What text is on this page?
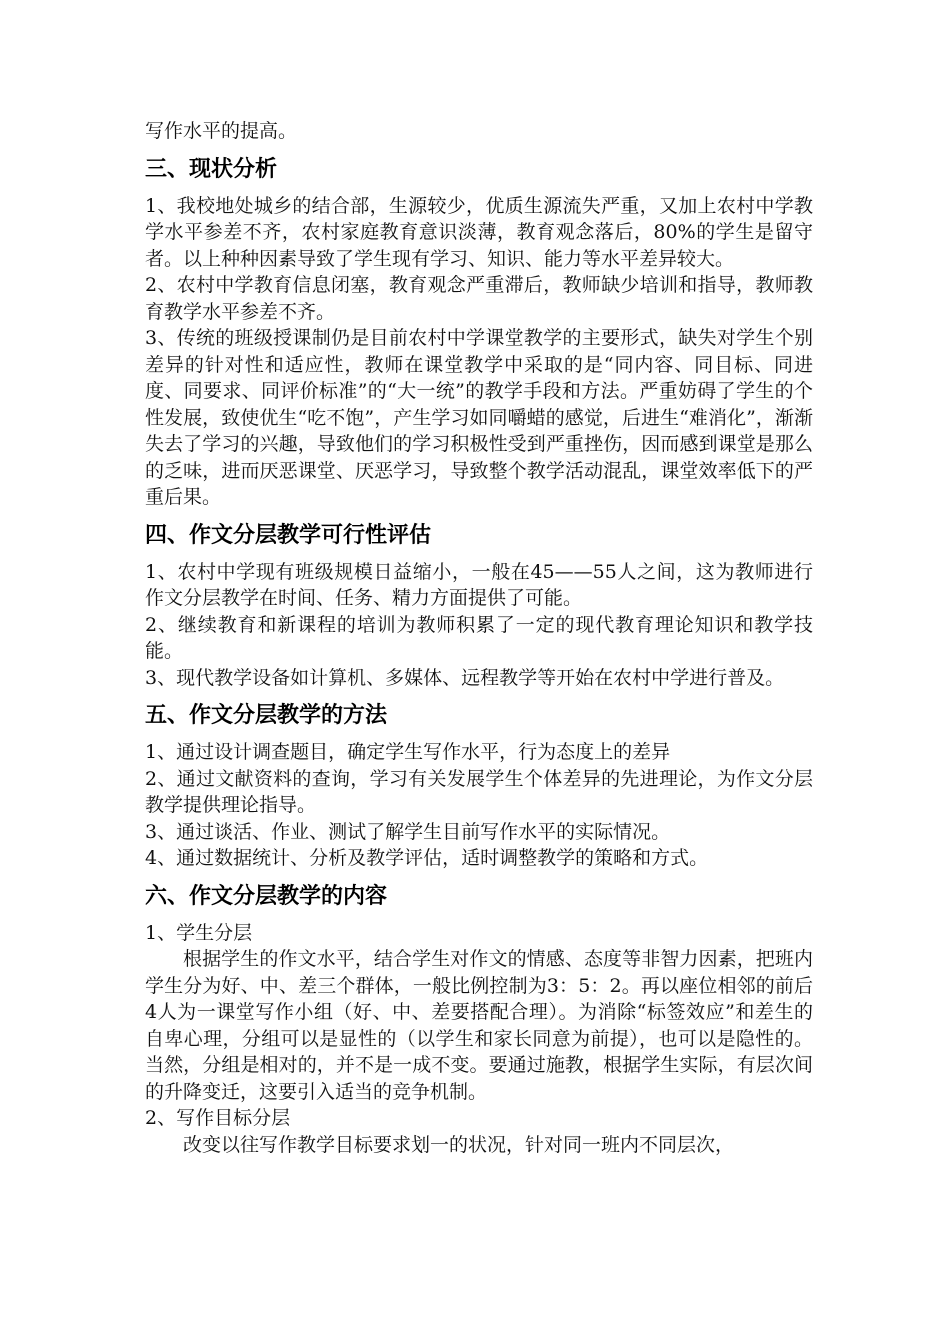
写作水平的提高。

三、现状分析

1、我校地处城乡的结合部，生源较少，优质生源流失严重，又加上农村中学教学水平参差不齐，农村家庭教育意识淡薄，教育观念落后，80%的学生是留守者。以上种种因素导致了学生现有学习、知识、能力等水平差异较大。

2、农村中学教育信息闭塞，教育观念严重滞后，教师缺少培训和指导，教师教育教学水平参差不齐。

3、传统的班级授课制仍是目前农村中学课堂教学的主要形式，缺失对学生个别差异的针对性和适应性，教师在课堂教学中采取的是“同内容、同目标、同进度、同要求、同评价标准”的“大一统”的教学手段和方法。严重妨碍了学生的个性发展，致使优生“吃不饱”，产生学习如同嚼蜡的感觉，后进生“难消化”，渐渐失去了学习的兴趣，导致他们的学习积极性受到严重挫伤，因而感到课堂是那么的乏味，进而厌恶课堂、厌恶学习，导致整个教学活动混乱，课堂效率低下的严重后果。

四、作文分层教学可行性评估

1、农村中学现有班级规模日益缩小，一般在45——55人之间，这为教师进行作文分层教学在时间、任务、精力方面提供了可能。

2、继续教育和新课程的培训为教师积累了一定的现代教育理论知识和教学技能。

3、现代教学设备如计算机、多媒体、远程教学等开始在农村中学进行普及。

五、作文分层教学的方法

1、通过设计调查题目，确定学生写作水平，行为态度上的差异

2、通过文献资料的查询，学习有关发展学生个体差异的先进理论，为作文分层教学提供理论指导。

3、通过谈活、作业、测试了解学生目前写作水平的实际情况。

4、通过数据统计、分析及教学评估，适时调整教学的策略和方式。

六、作文分层教学的内容

1、学生分层

根据学生的作文水平，结合学生对作文的情感、态度等非智力因素，把班内学生分为好、中、差三个群体，一般比例控制为3：5：2。再以座位相邻的前后4人为一课堂写作小组（好、中、差要搭配合理）。为消除“标签效应”和差生的自卑心理，分组可以是显性的（以学生和家长同意为前提），也可以是隐性的。当然，分组是相对的，并不是一成不变。要通过施教，根据学生实际，有层次间的升降变迁，这要引入适当的竞争机制。

2、写作目标分层

改变以往写作教学目标要求划一的状况，针对同一班内不同层次，
